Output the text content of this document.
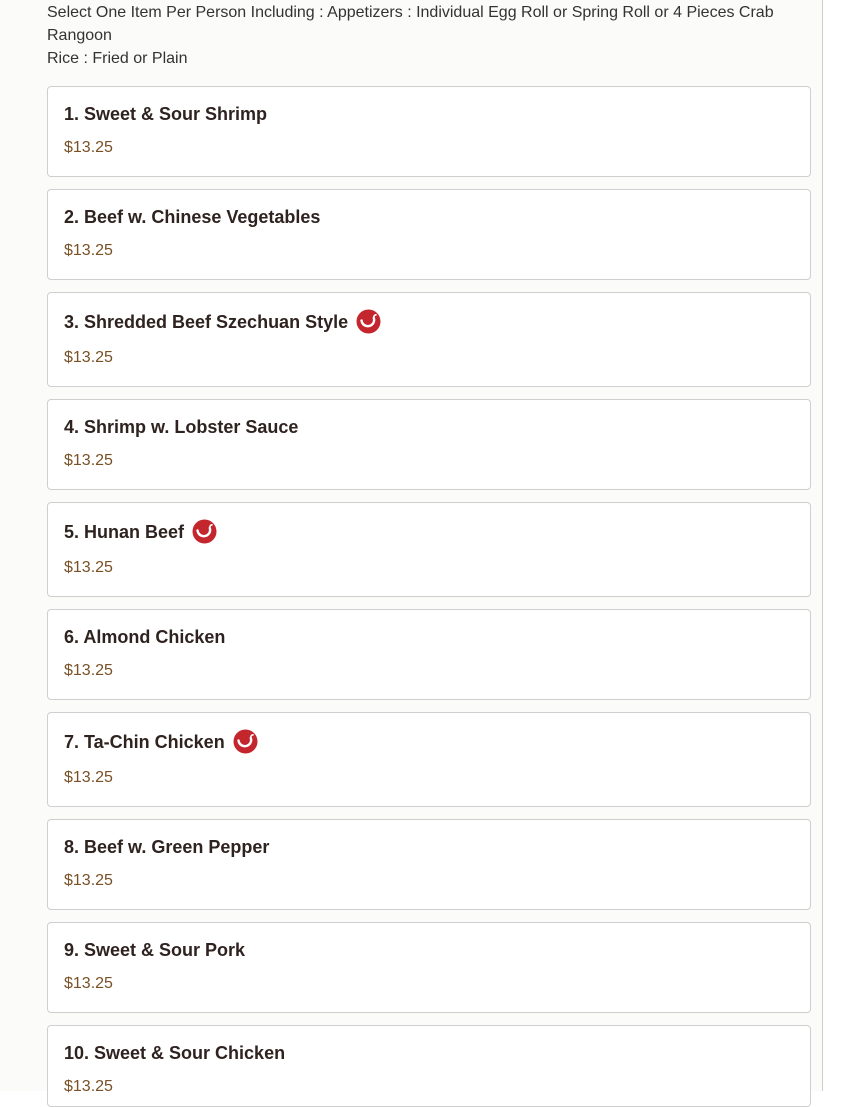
Select One Item Per Person Including : Appetizers : Individual Egg Roll or Spring Roll or 4 Pieces Crab
Rangoon
Rice : Fried or Plain
1. Sweet & Sour Shrimp
$13.25
2. Beef w. Chinese Vegetables
$13.25
3. Shredded Beef Szechuan Style
$13.25
4. Shrimp w. Lobster Sauce
$13.25
5. Hunan Beef
$13.25
6. Almond Chicken
$13.25
7. Ta-Chin Chicken
$13.25
8. Beef w. Green Pepper
$13.25
9. Sweet & Sour Pork
$13.25
10. Sweet & Sour Chicken
$13.25
